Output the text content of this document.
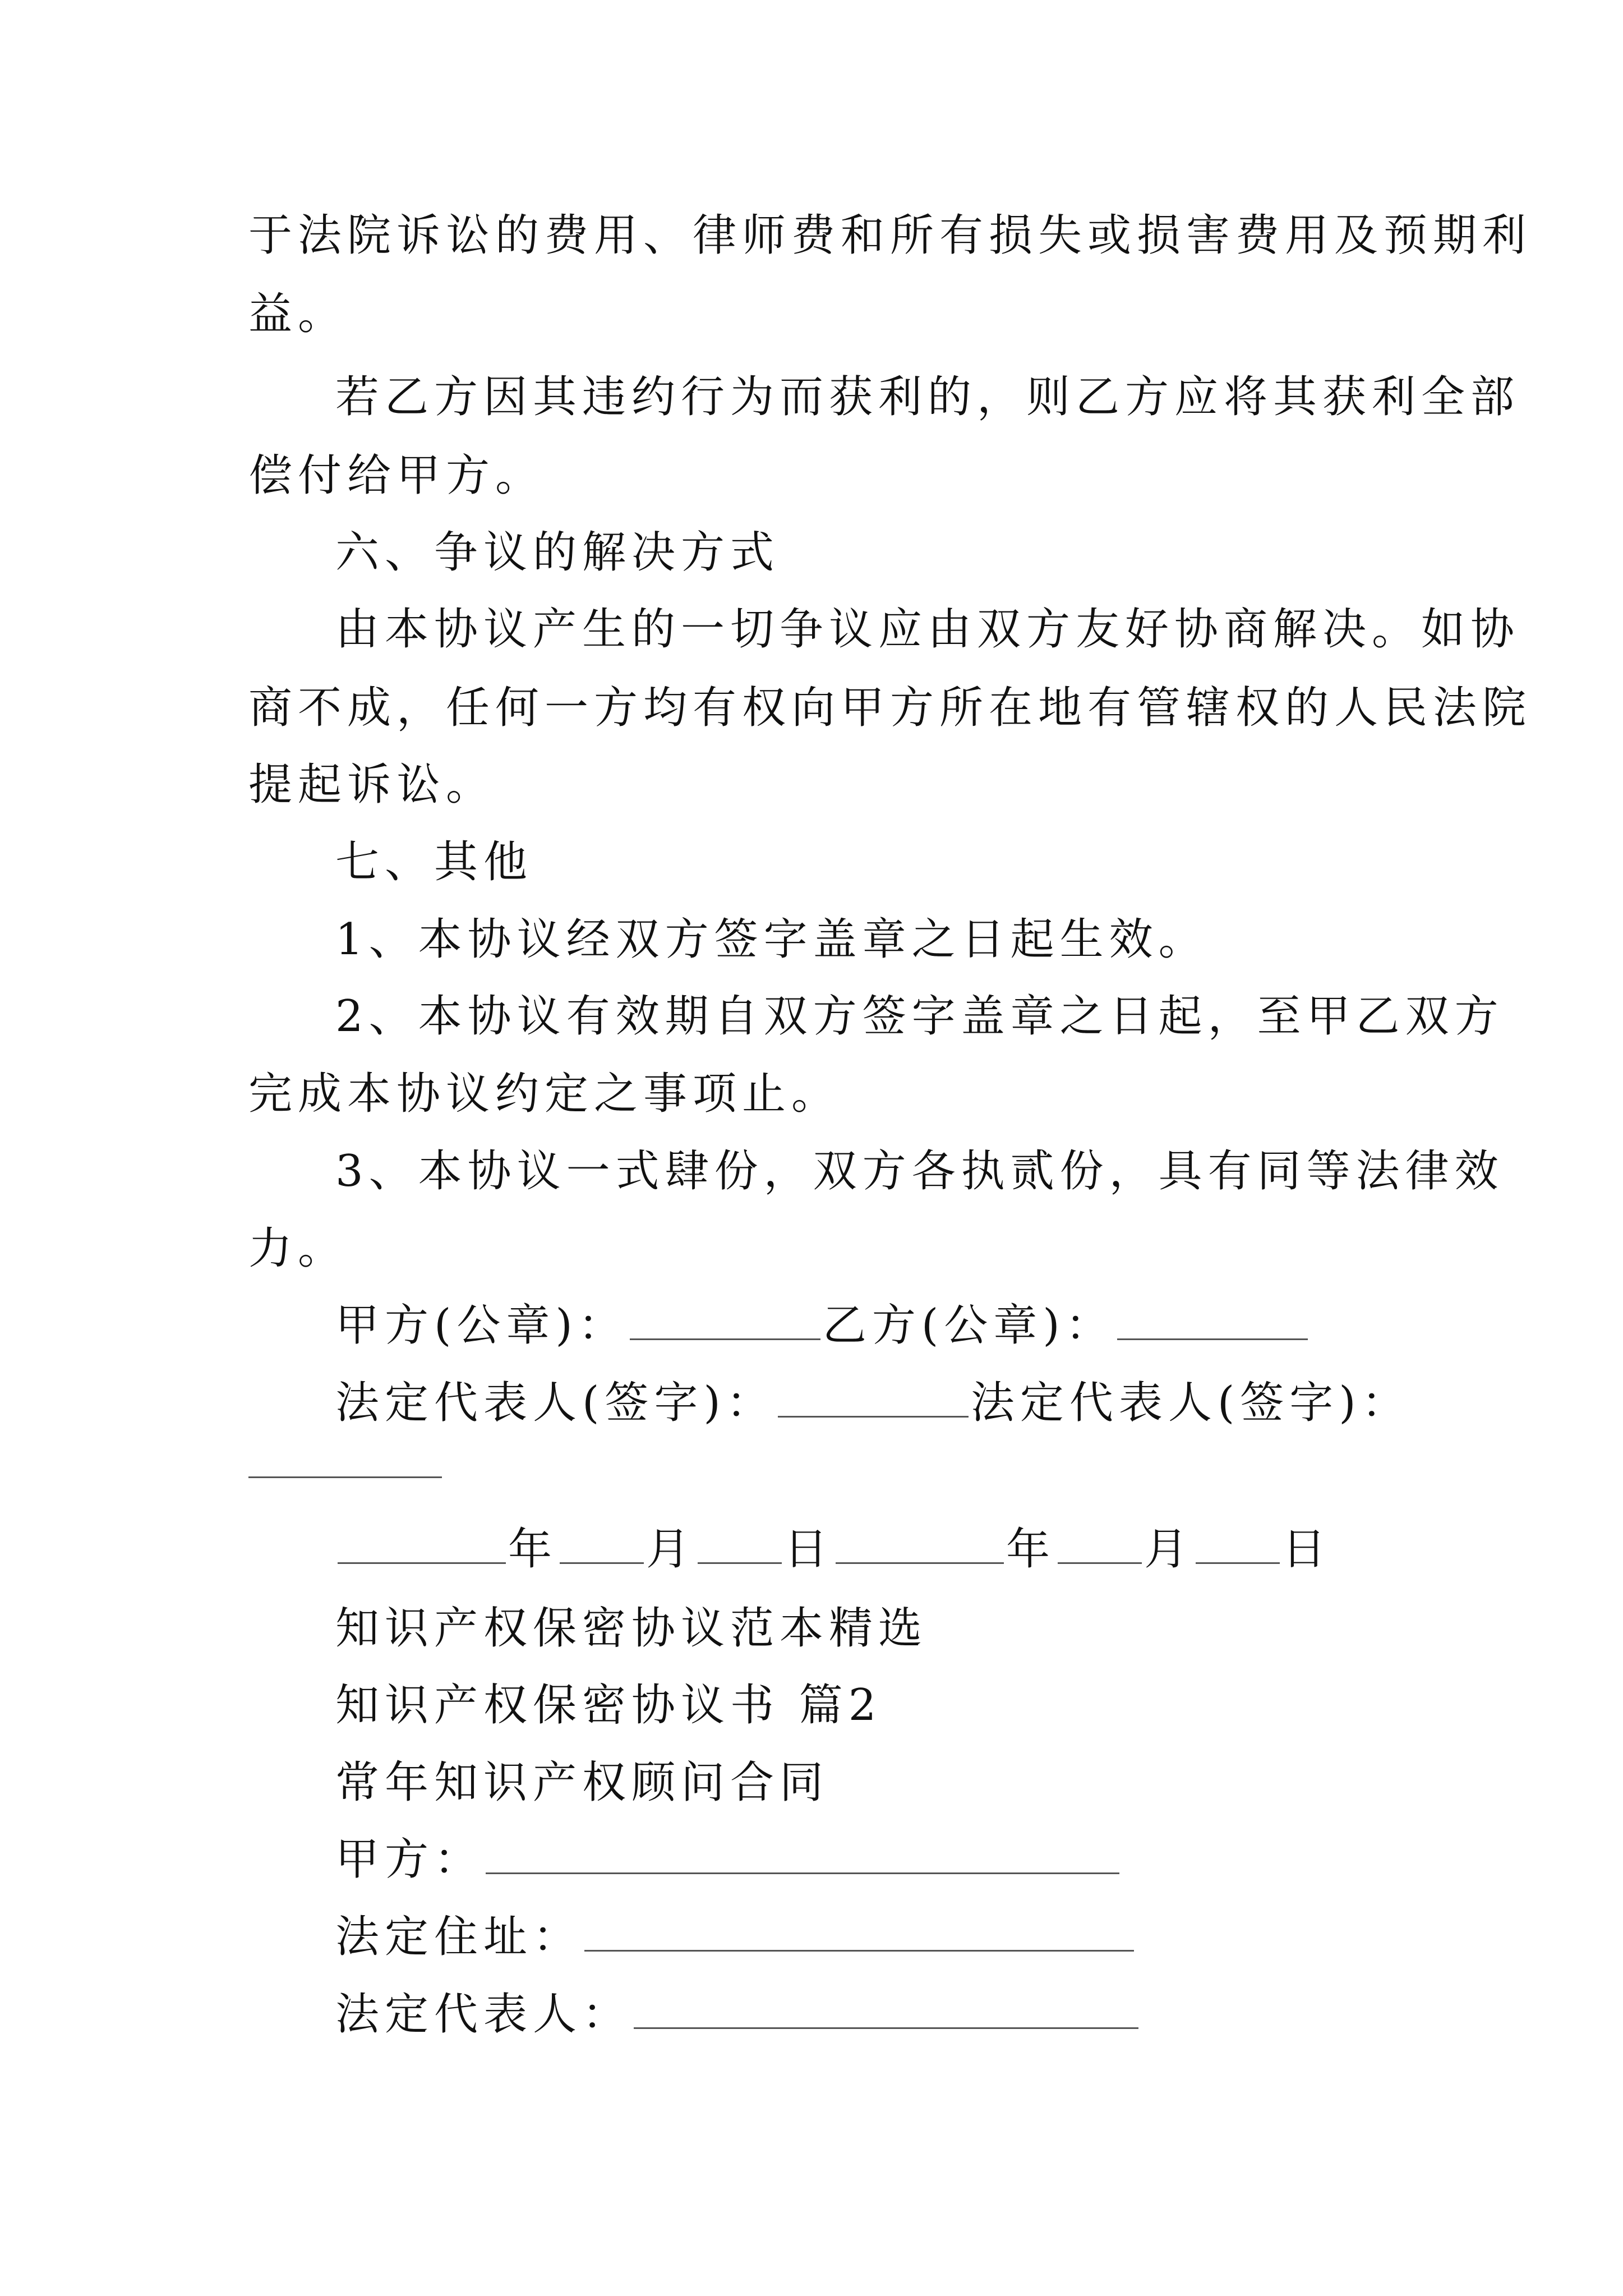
于法院诉讼的费用、律师费和所有损失或损害费用及预期利
益。
若乙方因其违约行为而获利的，则乙方应将其获利全部
偿付给甲方。
六、争议的解决方式
由本协议产生的一切争议应由双方友好协商解决。如协
商不成，任何一方均有权向甲方所在地有管辖权的人民法院
提起诉讼。
七、其他
1、本协议经双方签字盖章之日起生效。
2、本协议有效期自双方签字盖章之日起，至甲乙双方
完成本协议约定之事项止。
3、本协议一式肆份，双方各执贰份，具有同等法律效
力。
甲方(公章)：	乙方(公章)：
法定代表人(签字)：	法定代表人(签字)：
年 月 日	年 月 日
知识产权保密协议范本精选
知识产权保密协议书 篇2
常年知识产权顾问合同
甲方：
法定住址：
法定代表人：
